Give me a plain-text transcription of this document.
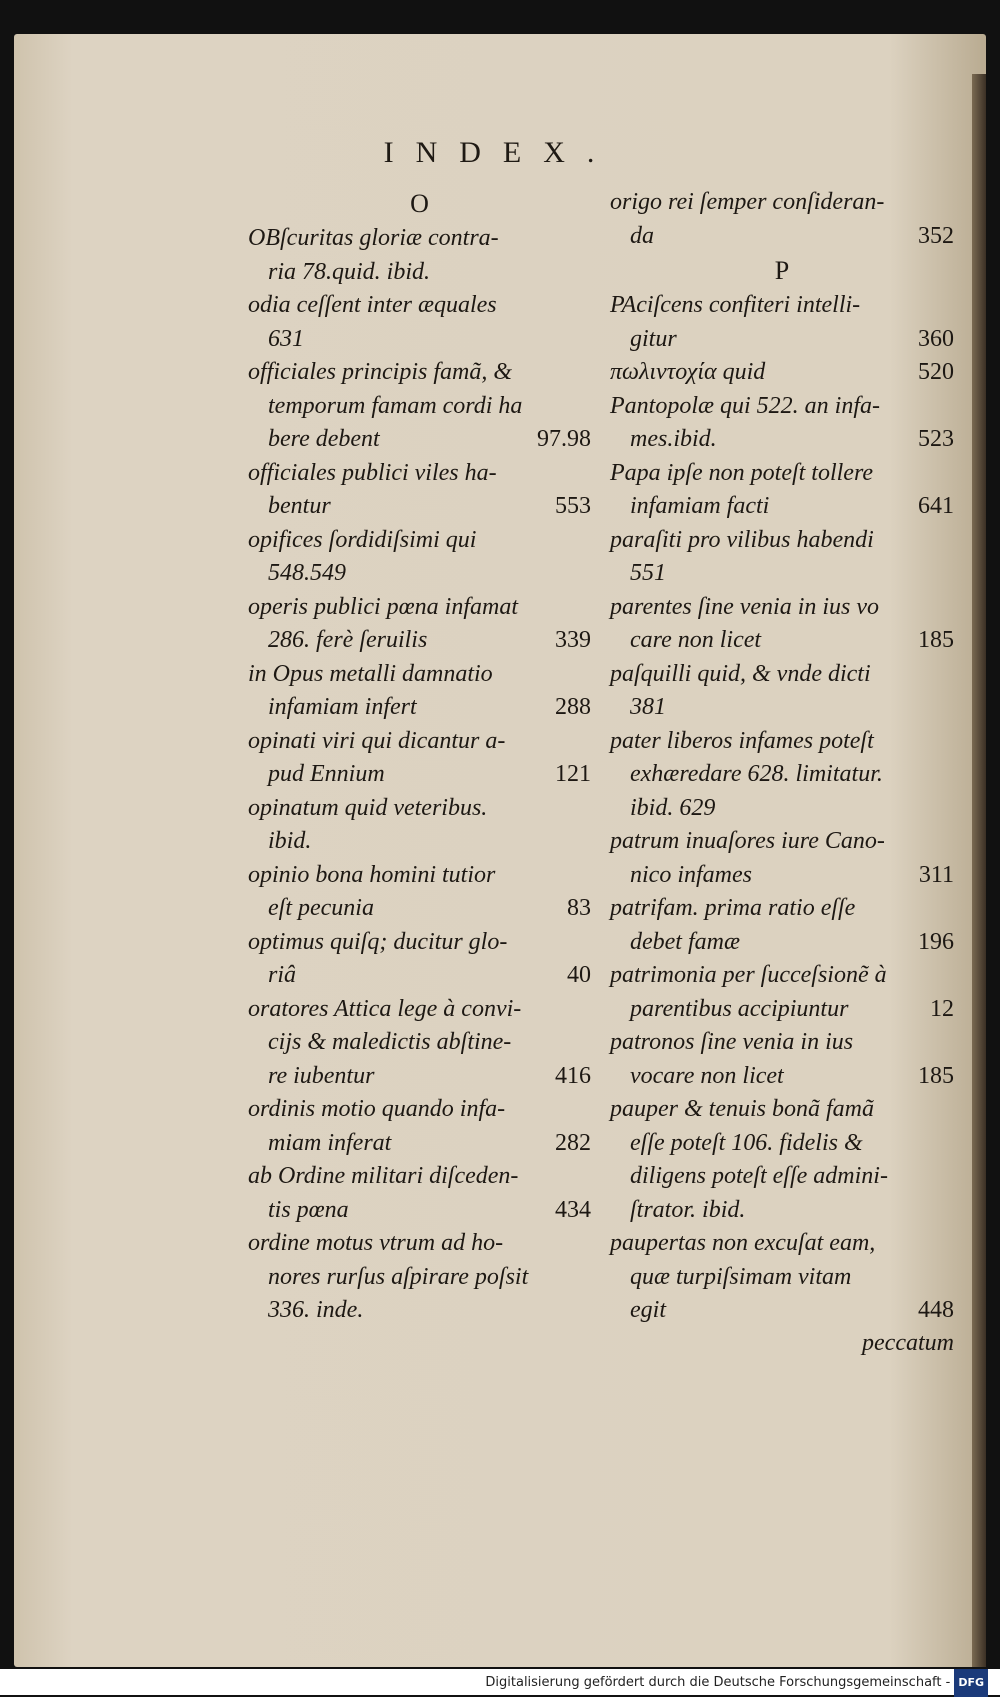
INDEX.
O
OBſcuritas gloriæ contra-
ria 78.quid. ibid.
odia ceſſent inter æquales
631
officiales principis famã, &
temporum famam cordi ha
97.98
bere debent
officiales publici viles ha-
553
bentur
opifices ſordidiſsimi qui
548.549
operis publici pœna infamat
339
286. ferè ſeruilis
in Opus metalli damnatio
288
infamiam infert
opinati viri qui dicantur a-
121
pud Ennium
opinatum quid veteribus.
ibid.
opinio bona homini tutior
83
eſt pecunia
optimus quiſq; ducitur glo-
40
riâ
oratores Attica lege à convi-
cijs & maledictis abſtine-
416
re iubentur
ordinis motio quando infa-
282
miam inferat
ab Ordine militari diſceden-
434
tis pœna
ordine motus vtrum ad ho-
nores rurſus aſpirare poſsit
336. inde.
origo rei ſemper conſideran-
352
da
P
PAciſcens confiteri intelli-
360
gitur
520
πωλιντοχία quid
Pantopolæ qui 522. an infa-
523
mes.ibid.
Papa ipſe non poteſt tollere
641
infamiam facti
paraſiti pro vilibus habendi
551
parentes ſine venia in ius vo
185
care non licet
paſquilli quid, & vnde dicti
381
pater liberos infames poteſt
exhæredare 628. limitatur.
ibid. 629
patrum inuaſores iure Cano-
311
nico infames
patrifam. prima ratio eſſe
196
debet famæ
patrimonia per ſucceſsionẽ à
12
parentibus accipiuntur
patronos ſine venia in ius
185
vocare non licet
pauper & tenuis bonã famã
eſſe poteſt 106. fidelis &
diligens poteſt eſſe admini-
ſtrator. ibid.
paupertas non excuſat eam,
quæ turpiſsimam vitam
448
egit
peccatum
Digitalisierung gefördert durch die Deutsche Forschungsgemeinschaft - DFG
